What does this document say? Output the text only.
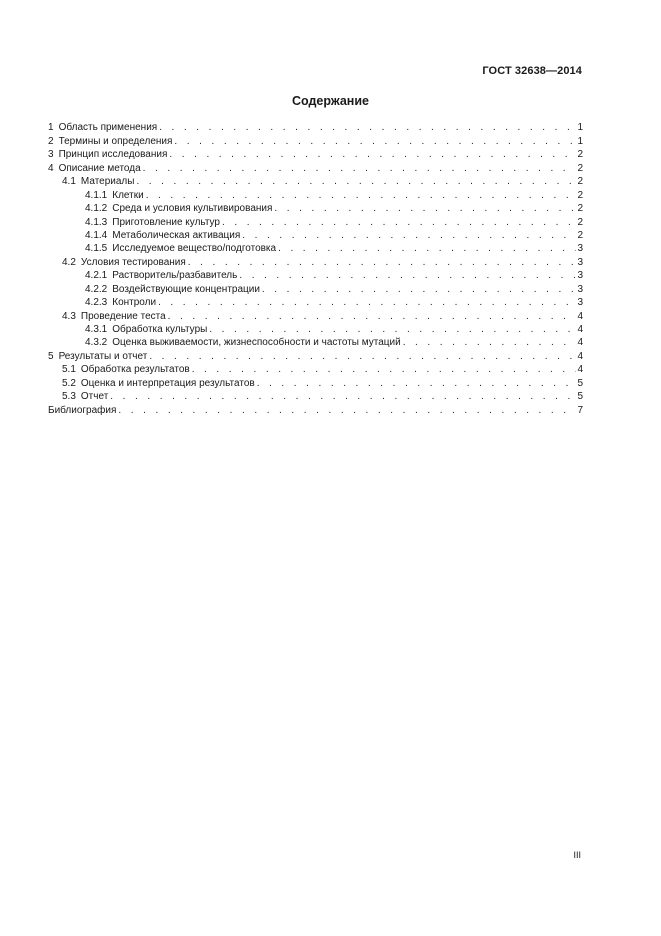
ГОСТ 32638—2014
Содержание
1 Область применения . . .	1
2 Термины и определения . . .	1
3 Принцип исследования . . .	2
4 Описание метода . . .	2
4.1 Материалы . . .	2
4.1.1 Клетки . . .	2
4.1.2 Среда и условия культивирования . . .	2
4.1.3 Приготовление культур . . .	2
4.1.4 Метаболическая активация . . .	2
4.1.5 Исследуемое вещество/подготовка . . .	3
4.2 Условия тестирования . . .	3
4.2.1 Растворитель/разбавитель . . .	3
4.2.2 Воздействующие концентрации . . .	3
4.2.3 Контроли . . .	3
4.3 Проведение теста . . .	4
4.3.1 Обработка культуры . . .	4
4.3.2 Оценка выживаемости, жизнеспособности и частоты мутаций . . .	4
5 Результаты и отчет . . .	4
5.1 Обработка результатов . . .	4
5.2 Оценка и интерпретация результатов . . .	5
5.3 Отчет . . .	5
Библиография . . .	7
III
